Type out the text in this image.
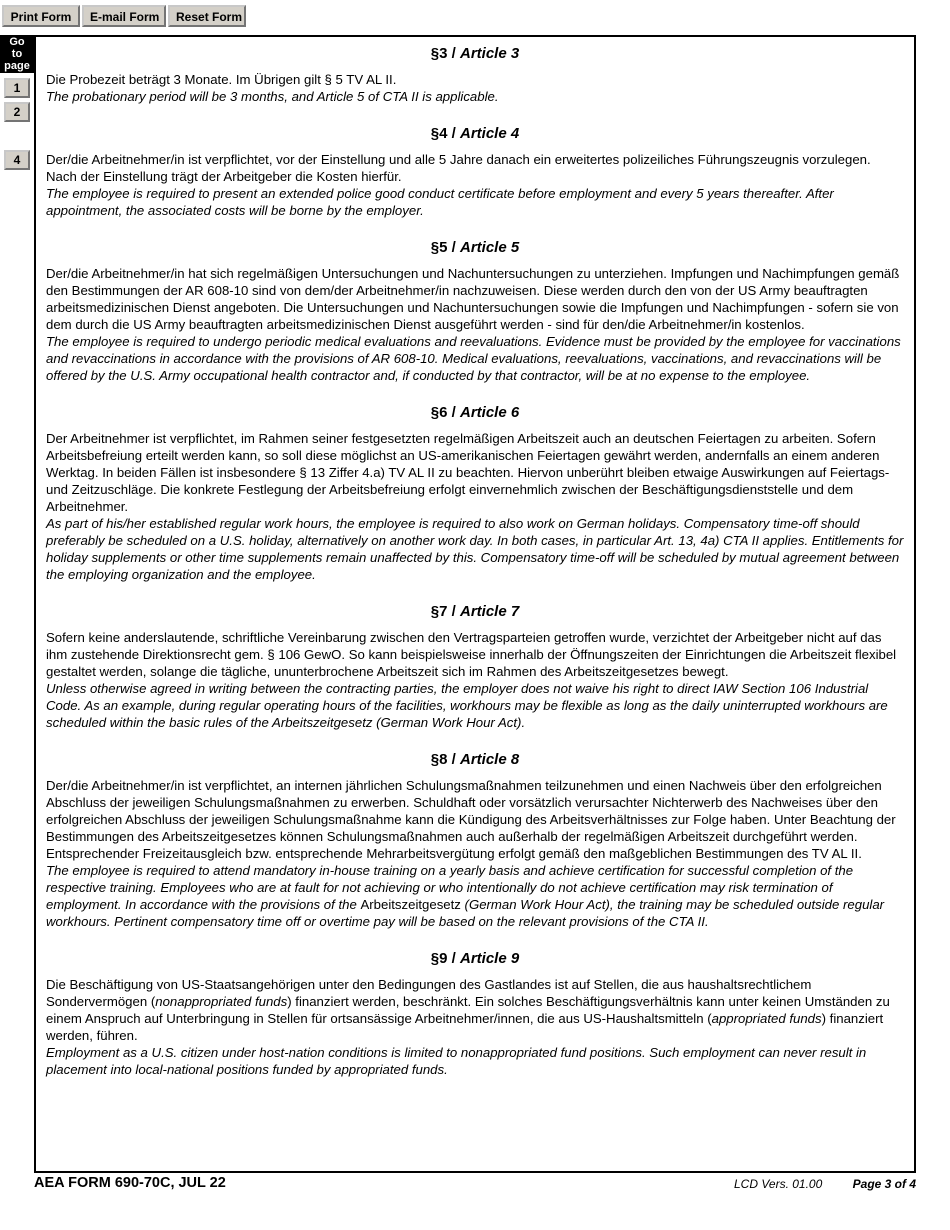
Print Form	E-mail Form	Reset Form
Go
to
page
1
2
4
§3 / Article 3

Die Probezeit beträgt 3 Monate. Im Übrigen gilt § 5 TV AL II.

The probationary period will be 3 months, and Article 5 of CTA II is applicable.

§4 / Article 4

Der/die Arbeitnehmer/in ist verpflichtet, vor der Einstellung und alle 5 Jahre danach ein erweitertes polizeiliches Führungszeugnis vorzulegen. Nach der Einstellung trägt der Arbeitgeber die Kosten hierfür.

The employee is required to present an extended police good conduct certificate before employment and every 5 years thereafter. After appointment, the associated costs will be borne by the employer.

§5 / Article 5

Der/die Arbeitnehmer/in hat sich regelmäßigen Untersuchungen und Nachuntersuchungen zu unterziehen. Impfungen und Nachimpfungen gemäß den Bestimmungen der AR 608-10 sind von dem/der Arbeitnehmer/in nachzuweisen. Diese werden durch den von der US Army beauftragten arbeitsmedizinischen Dienst angeboten. Die Untersuchungen und Nachuntersuchungen sowie die Impfungen und Nachimpfungen - sofern sie von dem durch die US Army beauftragten arbeitsmedizinischen Dienst ausgeführt werden - sind für den/die Arbeitnehmer/in kostenlos.

The employee is required to undergo periodic medical evaluations and reevaluations. Evidence must be provided by the employee for vaccinations and revaccinations in accordance with the provisions of AR 608-10. Medical evaluations, reevaluations, vaccinations, and revaccinations will be offered by the U.S. Army occupational health contractor and, if conducted by that contractor, will be at no expense to the employee.

§6 / Article 6

Der Arbeitnehmer ist verpflichtet, im Rahmen seiner festgesetzten regelmäßigen Arbeitszeit auch an deutschen Feiertagen zu arbeiten. Sofern Arbeitsbefreiung erteilt werden kann, so soll diese möglichst an US-amerikanischen Feiertagen gewährt werden, andernfalls an einem anderen Werktag. In beiden Fällen ist insbesondere § 13 Ziffer 4.a) TV AL II zu beachten. Hiervon unberührt bleiben etwaige Auswirkungen auf Feiertags- und Zeitzuschläge. Die konkrete Festlegung der Arbeitsbefreiung erfolgt einvernehmlich zwischen der Beschäftigungsdienststelle und dem Arbeitnehmer.

As part of his/her established regular work hours, the employee is required to also work on German holidays. Compensatory time-off should preferably be scheduled on a U.S. holiday, alternatively on another work day. In both cases, in particular Art. 13, 4a) CTA II applies. Entitlements for holiday supplements or other time supplements remain unaffected by this. Compensatory time-off will be scheduled by mutual agreement between the employing organization and the employee.

§7 / Article 7

Sofern keine anderslautende, schriftliche Vereinbarung zwischen den Vertragsparteien getroffen wurde, verzichtet der Arbeitgeber nicht auf das ihm zustehende Direktionsrecht gem. § 106 GewO. So kann beispielsweise innerhalb der Öffnungszeiten der Einrichtungen die Arbeitszeit flexibel gestaltet werden, solange die tägliche, ununterbrochene Arbeitszeit sich im Rahmen des Arbeitszeitgesetzes bewegt.

Unless otherwise agreed in writing between the contracting parties, the employer does not waive his right to direct IAW Section 106 Industrial Code. As an example, during regular operating hours of the facilities, workhours may be flexible as long as the daily uninterrupted workhours are scheduled within the basic rules of the Arbeitszeitgesetz (German Work Hour Act).

§8 / Article 8

Der/die Arbeitnehmer/in ist verpflichtet, an internen jährlichen Schulungsmaßnahmen teilzunehmen und einen Nachweis über den erfolgreichen Abschluss der jeweiligen Schulungsmaßnahmen zu erwerben. Schuldhaft oder vorsätzlich verursachter Nichterwerb des Nachweises über den erfolgreichen Abschluss der jeweiligen Schulungsmaßnahme kann die Kündigung des Arbeitsverhältnisses zur Folge haben. Unter Beachtung der Bestimmungen des Arbeitszeitgesetzes können Schulungsmaßnahmen auch außerhalb der regelmäßigen Arbeitszeit durchgeführt werden. Entsprechender Freizeitausgleich bzw. entsprechende Mehrarbeitsvergütung erfolgt gemäß den maßgeblichen Bestimmungen des TV AL II.

The employee is required to attend mandatory in-house training on a yearly basis and achieve certification for successful completion of the respective training. Employees who are at fault for not achieving or who intentionally do not achieve certification may risk termination of employment. In accordance with the provisions of the Arbeitszeitgesetz (German Work Hour Act), the training may be scheduled outside regular workhours. Pertinent compensatory time off or overtime pay will be based on the relevant provisions of the CTA II.

§9 / Article 9

Die Beschäftigung von US-Staatsangehörigen unter den Bedingungen des Gastlandes ist auf Stellen, die aus haushaltsrechtlichem Sondervermögen (nonappropriated funds) finanziert werden, beschränkt. Ein solches Beschäftigungsverhältnis kann unter keinen Umständen zu einem Anspruch auf Unterbringung in Stellen für ortsansässige Arbeitnehmer/innen, die aus US-Haushaltsmitteln (appropriated funds) finanziert werden, führen.

Employment as a U.S. citizen under host-nation conditions is limited to nonappropriated fund positions. Such employment can never result in placement into local-national positions funded by appropriated funds.

AEA FORM 690-70C, JUL 22	LCD Vers. 01.00	Page 3 of 4
